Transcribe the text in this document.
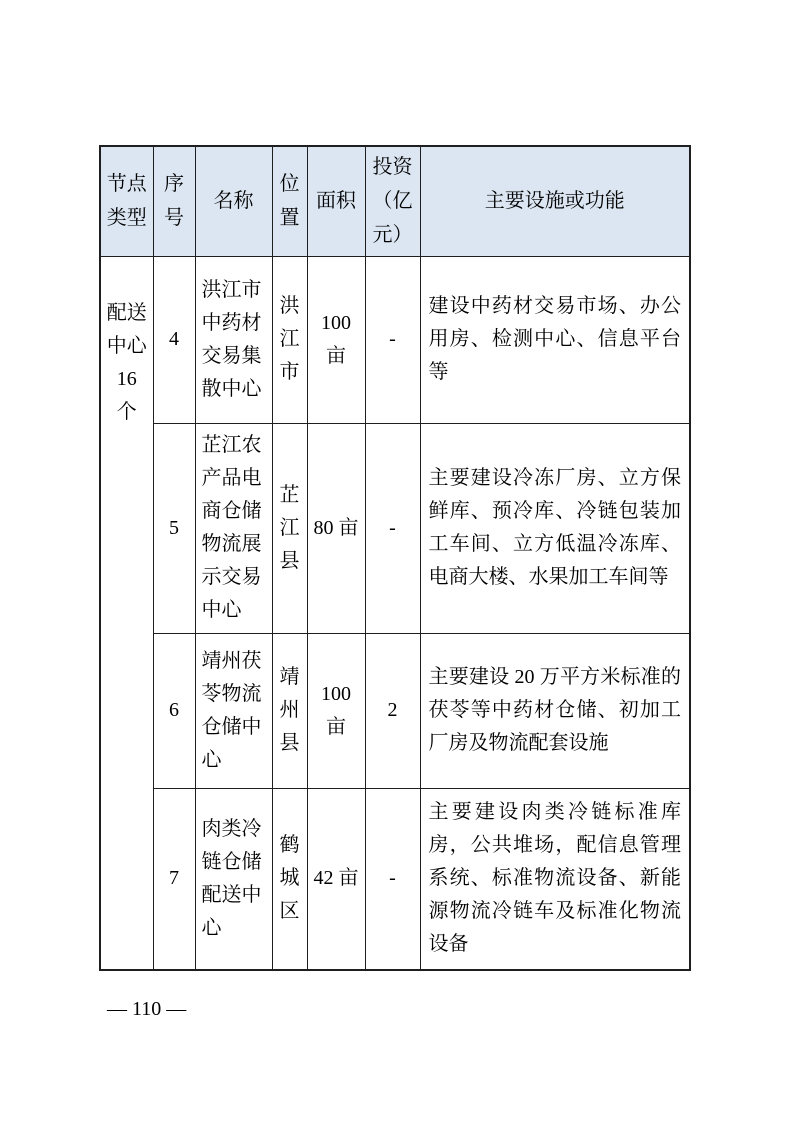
节点类型	序号	名称	位置	面积	投资（亿元）	主要设施或功能
配送中心 16 个	4	洪江市中药材交易集散中心	洪江市	100 亩	-	建设中药材交易市场、办公用房、检测中心、信息平台等
	5	芷江农产品电商仓储物流展示交易中心	芷江县	80 亩	-	主要建设冷冻厂房、立方保鲜库、预冷库、冷链包装加工车间、立方低温冷冻库、电商大楼、水果加工车间等
	6	靖州茯苓物流仓储中心	靖州县	100 亩	2	主要建设 20 万平方米标准的茯苓等中药材仓储、初加工厂房及物流配套设施
	7	肉类冷链仓储配送中心	鹤城区	42 亩	-	主要建设肉类冷链标准库房，公共堆场，配信息管理系统、标准物流设备、新能源物流冷链车及标准化物流设备
— 110 —
